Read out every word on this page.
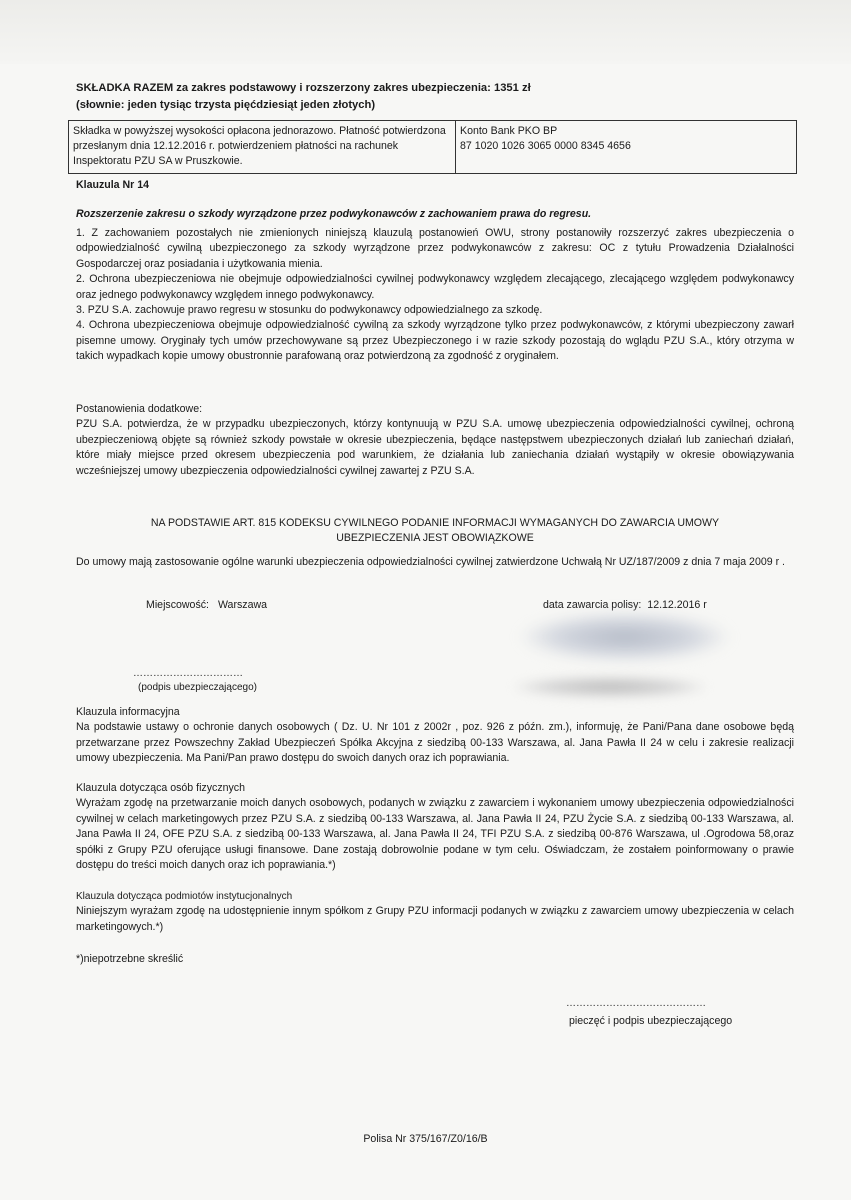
SKŁADKA RAZEM za zakres podstawowy i rozszerzony zakres ubezpieczenia: 1351 zł
(słownie: jeden tysiąc trzysta pięćdziesiąt jeden złotych)
Składka w powyższej wysokości opłacona jednorazowo. Płatność potwierdzona przesłanym dnia 12.12.2016 r. potwierdzeniem płatności na rachunek Inspektoratu PZU SA w Pruszkowie.
Konto Bank PKO BP
87 1020 1026 3065 0000 8345 4656
Klauzula Nr 14
Rozszerzenie zakresu o szkody wyrządzone przez podwykonawców z zachowaniem prawa do regresu.
1. Z zachowaniem pozostałych nie zmienionych niniejszą klauzulą postanowień OWU, strony postanowiły rozszerzyć zakres ubezpieczenia o odpowiedzialność cywilną ubezpieczonego za szkody wyrządzone przez podwykonawców z zakresu: OC z tytułu Prowadzenia Działalności Gospodarczej oraz posiadania i użytkowania mienia.
2. Ochrona ubezpieczeniowa nie obejmuje odpowiedzialności cywilnej podwykonawcy względem zlecającego, zlecającego względem podwykonawcy oraz jednego podwykonawcy względem innego podwykonawcy.
3. PZU S.A. zachowuje prawo regresu w stosunku do podwykonawcy odpowiedzialnego za szkodę.
4. Ochrona ubezpieczeniowa obejmuje odpowiedzialność cywilną za szkody wyrządzone tylko przez podwykonawców, z którymi ubezpieczony zawarł pisemne umowy. Oryginały tych umów przechowywane są przez Ubezpieczonego i w razie szkody pozostają do wglądu PZU S.A., który otrzyma w takich wypadkach kopie umowy obustronnie parafowaną oraz potwierdzoną za zgodność z oryginałem.
Postanowienia dodatkowe:
PZU S.A. potwierdza, że w przypadku ubezpieczonych, którzy kontynuują w PZU S.A. umowę ubezpieczenia odpowiedzialności cywilnej, ochroną ubezpieczeniową objęte są również szkody powstałe w okresie ubezpieczenia, będące następstwem ubezpieczonych działań lub zaniechań działań, które miały miejsce przed okresem ubezpieczenia pod warunkiem, że działania lub zaniechania działań wystąpiły w okresie obowiązywania wcześniejszej umowy ubezpieczenia odpowiedzialności cywilnej zawartej z PZU S.A.
NA PODSTAWIE ART. 815 KODEKSU CYWILNEGO PODANIE INFORMACJI WYMAGANYCH DO ZAWARCIA UMOWY
UBEZPIECZENIA JEST OBOWIĄZKOWE
Do umowy mają zastosowanie ogólne warunki ubezpieczenia odpowiedzialności cywilnej zatwierdzone Uchwałą Nr UZ/187/2009 z dnia 7 maja 2009 r .
Miejscowość: Warszawa	data zawarcia polisy: 12.12.2016 r
……………………………
(podpis ubezpieczającego)
Klauzula informacyjna
Na podstawie ustawy o ochronie danych osobowych ( Dz. U. Nr 101 z 2002r , poz. 926 z późn. zm.), informuję, że Pani/Pana dane osobowe będą przetwarzane przez Powszechny Zakład Ubezpieczeń Spółka Akcyjna z siedzibą 00-133 Warszawa, al. Jana Pawła II 24 w celu i zakresie realizacji umowy ubezpieczenia. Ma Pani/Pan prawo dostępu do swoich danych oraz ich poprawiania.
Klauzula dotycząca osób fizycznych
Wyrażam zgodę na przetwarzanie moich danych osobowych, podanych w związku z zawarciem i wykonaniem umowy ubezpieczenia odpowiedzialności cywilnej w celach marketingowych przez PZU S.A. z siedzibą 00-133 Warszawa, al. Jana Pawła II 24, PZU Życie S.A. z siedzibą 00-133 Warszawa, al. Jana Pawła II 24, OFE PZU S.A. z siedzibą 00-133 Warszawa, al. Jana Pawła II 24, TFI PZU S.A. z siedzibą 00-876 Warszawa, ul .Ogrodowa 58,oraz spółki z Grupy PZU oferujące usługi finansowe. Dane zostają dobrowolnie podane w tym celu. Oświadczam, że zostałem poinformowany o prawie dostępu do treści moich danych oraz ich poprawiania.*)
Klauzula dotycząca podmiotów instytucjonalnych
Niniejszym wyrażam zgodę na udostępnienie innym spółkom z Grupy PZU informacji podanych w związku z zawarciem umowy ubezpieczenia w celach marketingowych.*)
*)niepotrzebne skreślić
……………………………………
pieczęć i podpis ubezpieczającego
Polisa Nr 375/167/Z0/16/B
